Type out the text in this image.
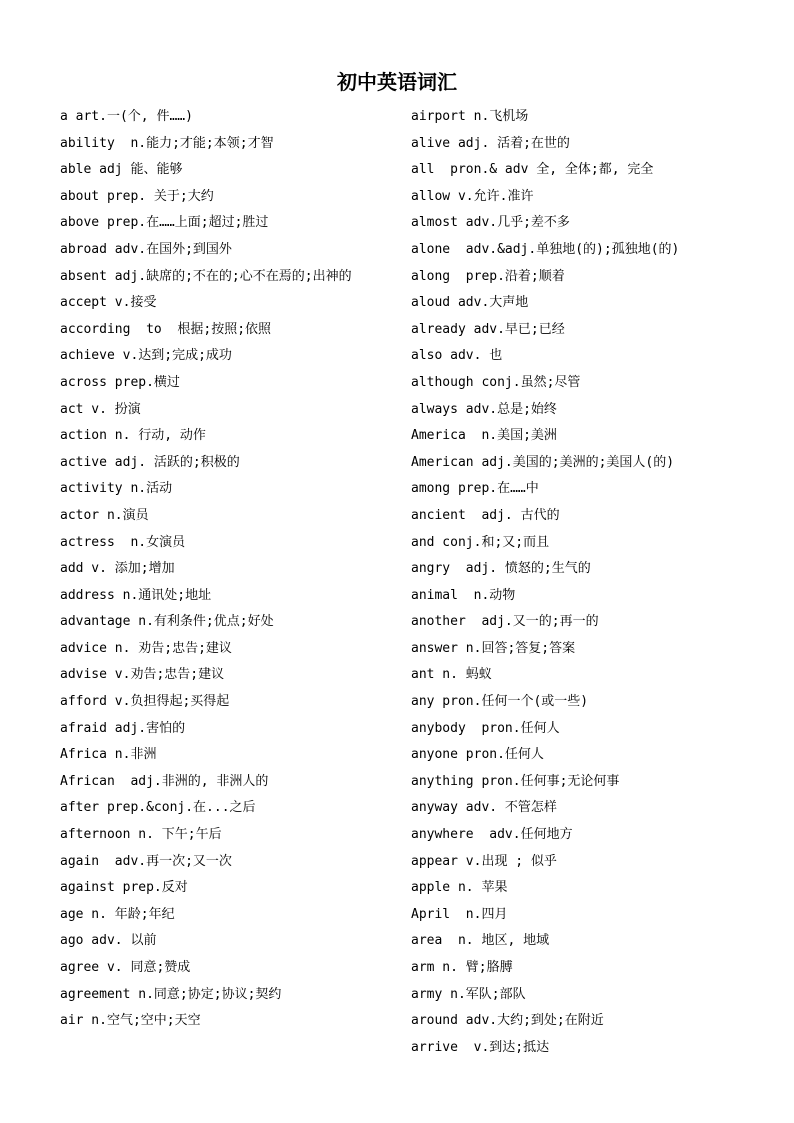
初中英语词汇
a art.一(个, 件……)
ability  n.能力;才能;本领;才智
able adj 能、能够
about prep. 关于;大约
above prep.在……上面;超过;胜过
abroad adv.在国外;到国外
absent adj.缺席的;不在的;心不在焉的;出神的
accept v.接受
according  to  根据;按照;依照
achieve v.达到;完成;成功
across prep.横过
act v. 扮演
action n. 行动, 动作
active adj. 活跃的;积极的
activity n.活动
actor n.演员
actress  n.女演员
add v. 添加;增加
address n.通讯处;地址
advantage n.有利条件;优点;好处
advice n. 劝告;忠告;建议
advise v.劝告;忠告;建议
afford v.负担得起;买得起
afraid adj.害怕的
Africa n.非洲
African  adj.非洲的, 非洲人的
after prep.&conj.在...之后
afternoon n. 下午;午后
again  adv.再一次;又一次
against prep.反对
age n. 年龄;年纪
ago adv. 以前
agree v. 同意;赞成
agreement n.同意;协定;协议;契约
air n.空气;空中;天空
airport n.飞机场
alive adj. 活着;在世的
all  pron.& adv 全, 全体;都, 完全
allow v.允许.准许
almost adv.几乎;差不多
alone  adv.&adj.单独地(的);孤独地(的)
along  prep.沿着;顺着
aloud adv.大声地
already adv.早已;已经
also adv. 也
although conj.虽然;尽管
always adv.总是;始终
America  n.美国;美洲
American adj.美国的;美洲的;美国人(的)
among prep.在……中
ancient  adj. 古代的
and conj.和;又;而且
angry  adj. 愤怒的;生气的
animal  n.动物
another  adj.又一的;再一的
answer n.回答;答复;答案
ant n. 蚂蚁
any pron.任何一个(或一些)
anybody  pron.任何人
anyone pron.任何人
anything pron.任何事;无论何事
anyway adv. 不管怎样
anywhere  adv.任何地方
appear v.出现 ; 似乎
apple n. 苹果
April  n.四月
area  n. 地区, 地域
arm n. 臂;胳膊
army n.军队;部队
around adv.大约;到处;在附近
arrive  v.到达;抵达
